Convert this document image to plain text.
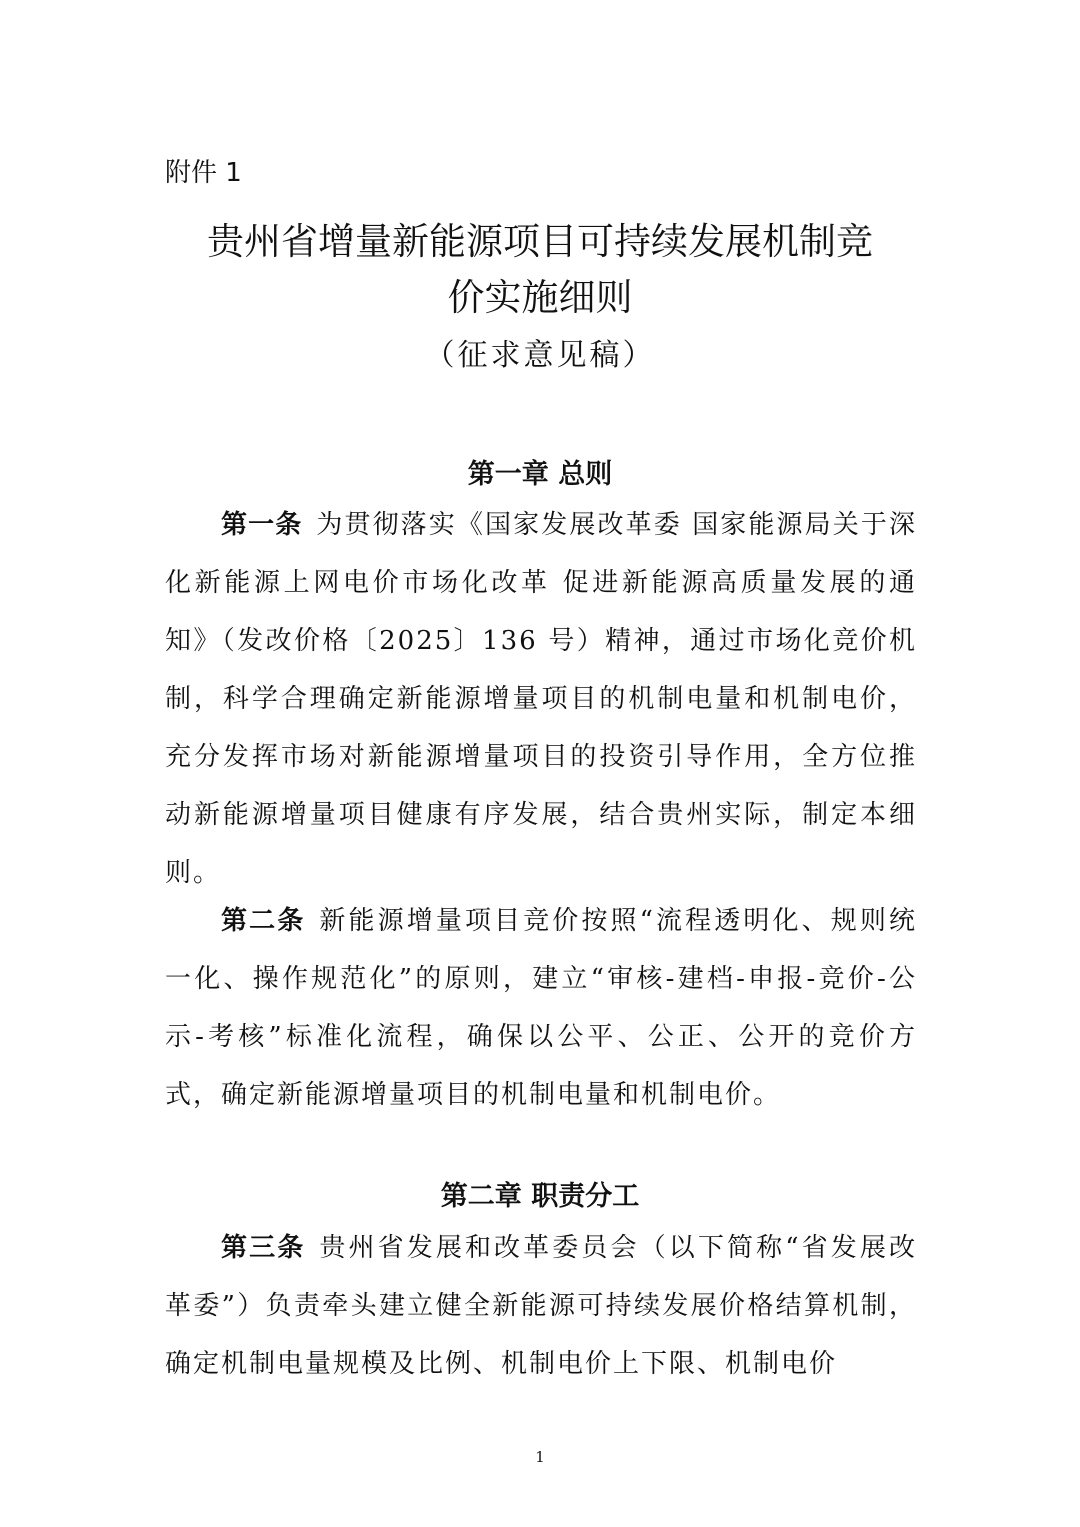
附件 1

贵州省增量新能源项目可持续发展机制竞
价实施细则

（征求意见稿）

第一章 总则

第一条 为贯彻落实《国家发展改革委 国家能源局关于深化新能源上网电价市场化改革 促进新能源高质量发展的通知》（发改价格〔2025〕136 号）精神，通过市场化竞价机制，科学合理确定新能源增量项目的机制电量和机制电价，充分发挥市场对新能源增量项目的投资引导作用，全方位推动新能源增量项目健康有序发展，结合贵州实际，制定本细则。

第二条 新能源增量项目竞价按照“流程透明化、规则统一化、操作规范化”的原则，建立“审核-建档-申报-竞价-公示-考核”标准化流程，确保以公平、公正、公开的竞价方式，确定新能源增量项目的机制电量和机制电价。

第二章 职责分工

第三条 贵州省发展和改革委员会（以下简称“省发展改革委”）负责牵头建立健全新能源可持续发展价格结算机制，确定机制电量规模及比例、机制电价上下限、机制电价

1
